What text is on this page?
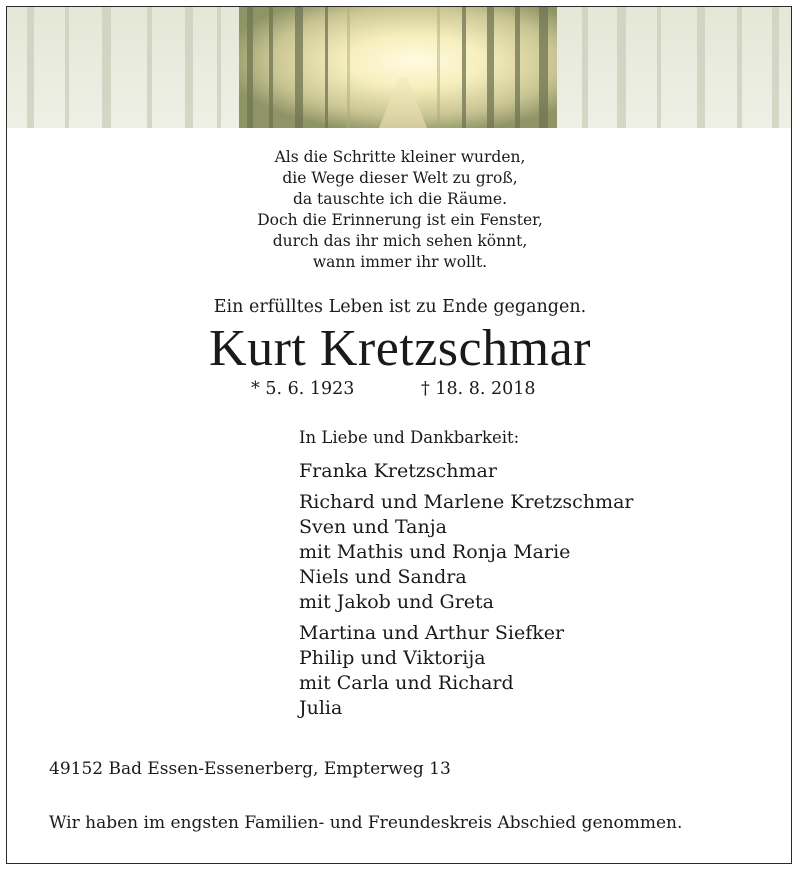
Als die Schritte kleiner wurden,
die Wege dieser Welt zu groß,
da tauschte ich die Räume.
Doch die Erinnerung ist ein Fenster,
durch das ihr mich sehen könnt,
wann immer ihr wollt.
Ein erfülltes Leben ist zu Ende gegangen.
Kurt Kretzschmar
* 5. 6. 1923	† 18. 8. 2018
In Liebe und Dankbarkeit:
Franka Kretzschmar
Richard und Marlene Kretzschmar
Sven und Tanja
mit Mathis und Ronja Marie
Niels und Sandra
mit Jakob und Greta
Martina und Arthur Siefker
Philip und Viktorija
mit Carla und Richard
Julia
49152 Bad Essen-Essenerberg, Empterweg 13
Wir haben im engsten Familien- und Freundeskreis Abschied genommen.
